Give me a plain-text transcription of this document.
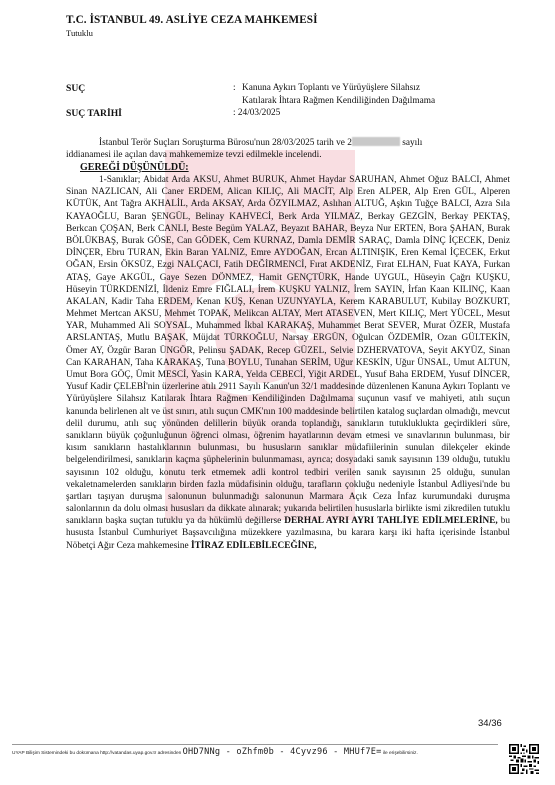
T.C. İSTANBUL 49. ASLİYE CEZA MAHKEMESİ
Tutuklu
SUÇ	: Kanuna Aykırı Toplantı ve Yürüyüşlere Silahsız
Katılarak İhtara Rağmen Kendiliğinden Dağılmama
SUÇ TARİHİ	: 24/03/2025
İstanbul Terör Suçları Soruşturma Bürosu'nun 28/03/2025 tarih ve 2	sayılı
iddianamesi ile açılan dava mahkememize tevzi edilmekle incelendi.
GEREĞİ DÜŞÜNÜLDÜ:

1-Sanıklar; Abidat Arda AKSU, Ahmet BURUK, Ahmet Haydar SARUHAN, Ahmet Oğuz BALCI, Ahmet Sinan NAZLICAN, Ali Caner ERDEM, Alican KILIÇ, Ali MACİT, Alp Eren ALPER, Alp Eren GÜL, Alperen KÜTÜK, Ant Tağra AKHALİL, Arda AKSAY, Arda ÖZYILMAZ, Aslıhan ALTUĞ, Aşkın Tuğçe BALCI, Azra Sıla KAYAOĞLU, Baran ŞENGÜL, Belinay KAHVECİ, Berk Arda YILMAZ, Berkay GEZGİN, Berkay PEKTAŞ, Berkcan ÇOŞAN, Berk CANLI, Beste Begüm YALAZ, Beyazıt BAHAR, Beyza Nur ERTEN, Bora ŞAHAN, Burak BÖLÜKBAŞ, Burak GÖSE, Can GÖDEK, Cem KURNAZ, Damla DEMİR SARAÇ, Damla DİNÇ İÇECEK, Deniz DİNÇER, Ebru TURAN, Ekin Baran YALNIZ, Emre AYDOĞAN, Ercan ALTINIŞIK, Eren Kemal İÇECEK, Erkut OĞAN, Ersin ÖKSÜZ, Ezgi NALÇACI, Fatih DEĞİRMENCİ, Fırat AKDENİZ, Fırat ELHAN, Fuat KAYA, Furkan ATAŞ, Gaye AKGÜL, Gaye Sezen DÖNMEZ, Hamit GENÇTÜRK, Hande UYGUL, Hüseyin Çağrı KUŞKU, Hüseyin TÜRKDENİZİ, İldeniz Emre FIĞLALI, İrem KUŞKU YALNIZ, İrem SAYIN, İrfan Kaan KILINÇ, Kaan AKALAN, Kadir Taha ERDEM, Kenan KUŞ, Kenan UZUNYAYLA, Kerem KARABULUT, Kubilay BOZKURT, Mehmet Mertcan AKSU, Mehmet TOPAK, Melikcan ALTAY, Mert ATASEVEN, Mert KILIÇ, Mert YÜCEL, Mesut YAR, Muhammed Ali SOYSAL, Muhammed İkbal KARAKAŞ, Muhammet Berat SEVER, Murat ÖZER, Mustafa ARSLANTAŞ, Mutlu BAŞAK, Müjdat TÜRKOĞLU, Narsay ERGÜN, Oğulcan ÖZDEMİR, Ozan GÜLTEKİN, Ömer AY, Özgür Baran ÜNGÖR, Pelinsu ŞADAK, Recep GÜZEL, Selvie DZHERVATOVA, Seyit AKYÜZ, Sinan Can KARAHAN, Taha KARAKAŞ, Tuna BOYLU, Tunahan SERİM, Uğur KESKİN, Uğur ÜNSAL, Umut ALTUN, Umut Bora GÖÇ, Ümit MESCİ, Yasin KARA, Yelda CEBECİ, Yiğit ARDEL, Yusuf Baha ERDEM, Yusuf DİNCER, Yusuf Kadir ÇELEBİ'nin üzerlerine atılı 2911 Sayılı Kanun'un 32/1 maddesinde düzenlenen Kanuna Aykırı Toplantı ve Yürüyüşlere Silahsız Katılarak İhtara Rağmen Kendiliğinden Dağılmama suçunun vasıf ve mahiyeti, atılı suçun kanunda belirlenen alt ve üst sınırı, atılı suçun CMK'nın 100 maddesinde belirtilen katalog suçlardan olmadığı, mevcut delil durumu, atılı suç yönünden delillerin büyük oranda toplandığı, sanıkların tutukluklukta geçirdikleri süre, sanıkların büyük çoğunluğunun öğrenci olması, öğrenim hayatlarının devam etmesi ve sınavlarının bulunması, bir kısım sanıkların hastalıklarının bulunması, bu hususların sanıklar müdafiilerinin sunulan dilekçeler ekinde belgelendirilmesi, sanıkların kaçma şüphelerinin bulunmaması, ayrıca; dosyadaki sanık sayısının 139 olduğu, tutuklu sayısının 102 olduğu, konutu terk etmemek adli kontrol tedbiri verilen sanık sayısının 25 olduğu, sunulan vekaletnamelerden sanıkların birden fazla müdafisinin olduğu, tarafların çokluğu nedeniyle İstanbul Adliyesi'nde bu şartları taşıyan duruşma salonunun bulunmadığı salonunun Marmara Açık Ceza İnfaz kurumundaki duruşma salonlarının da dolu olması hususları da dikkate alınarak; yukarıda belirtilen hususlarla birlikte ismi zikredilen tutuklu sanıkların başka suçtan tutuklu ya da hükümlü değillerse DERHAL AYRI AYRI TAHLİYE EDİLMELERİNE, bu hususta İstanbul Cumhuriyet Başsavcılığına müzekkere yazılmasına, bu karara karşı iki hafta içerisinde İstanbul Nöbetçi Ağır Ceza mahkemesine İTİRAZ EDİLEBİLECEĞİNE,

34/36
UYAP Bilişim Sistemindeki bu dokümana http://vatandas.uyap.gov.tr adresinden OHD7NNg - oZhfm0b - 4Cyvz96 - MHUf7E= ile erişebilirsiniz.
